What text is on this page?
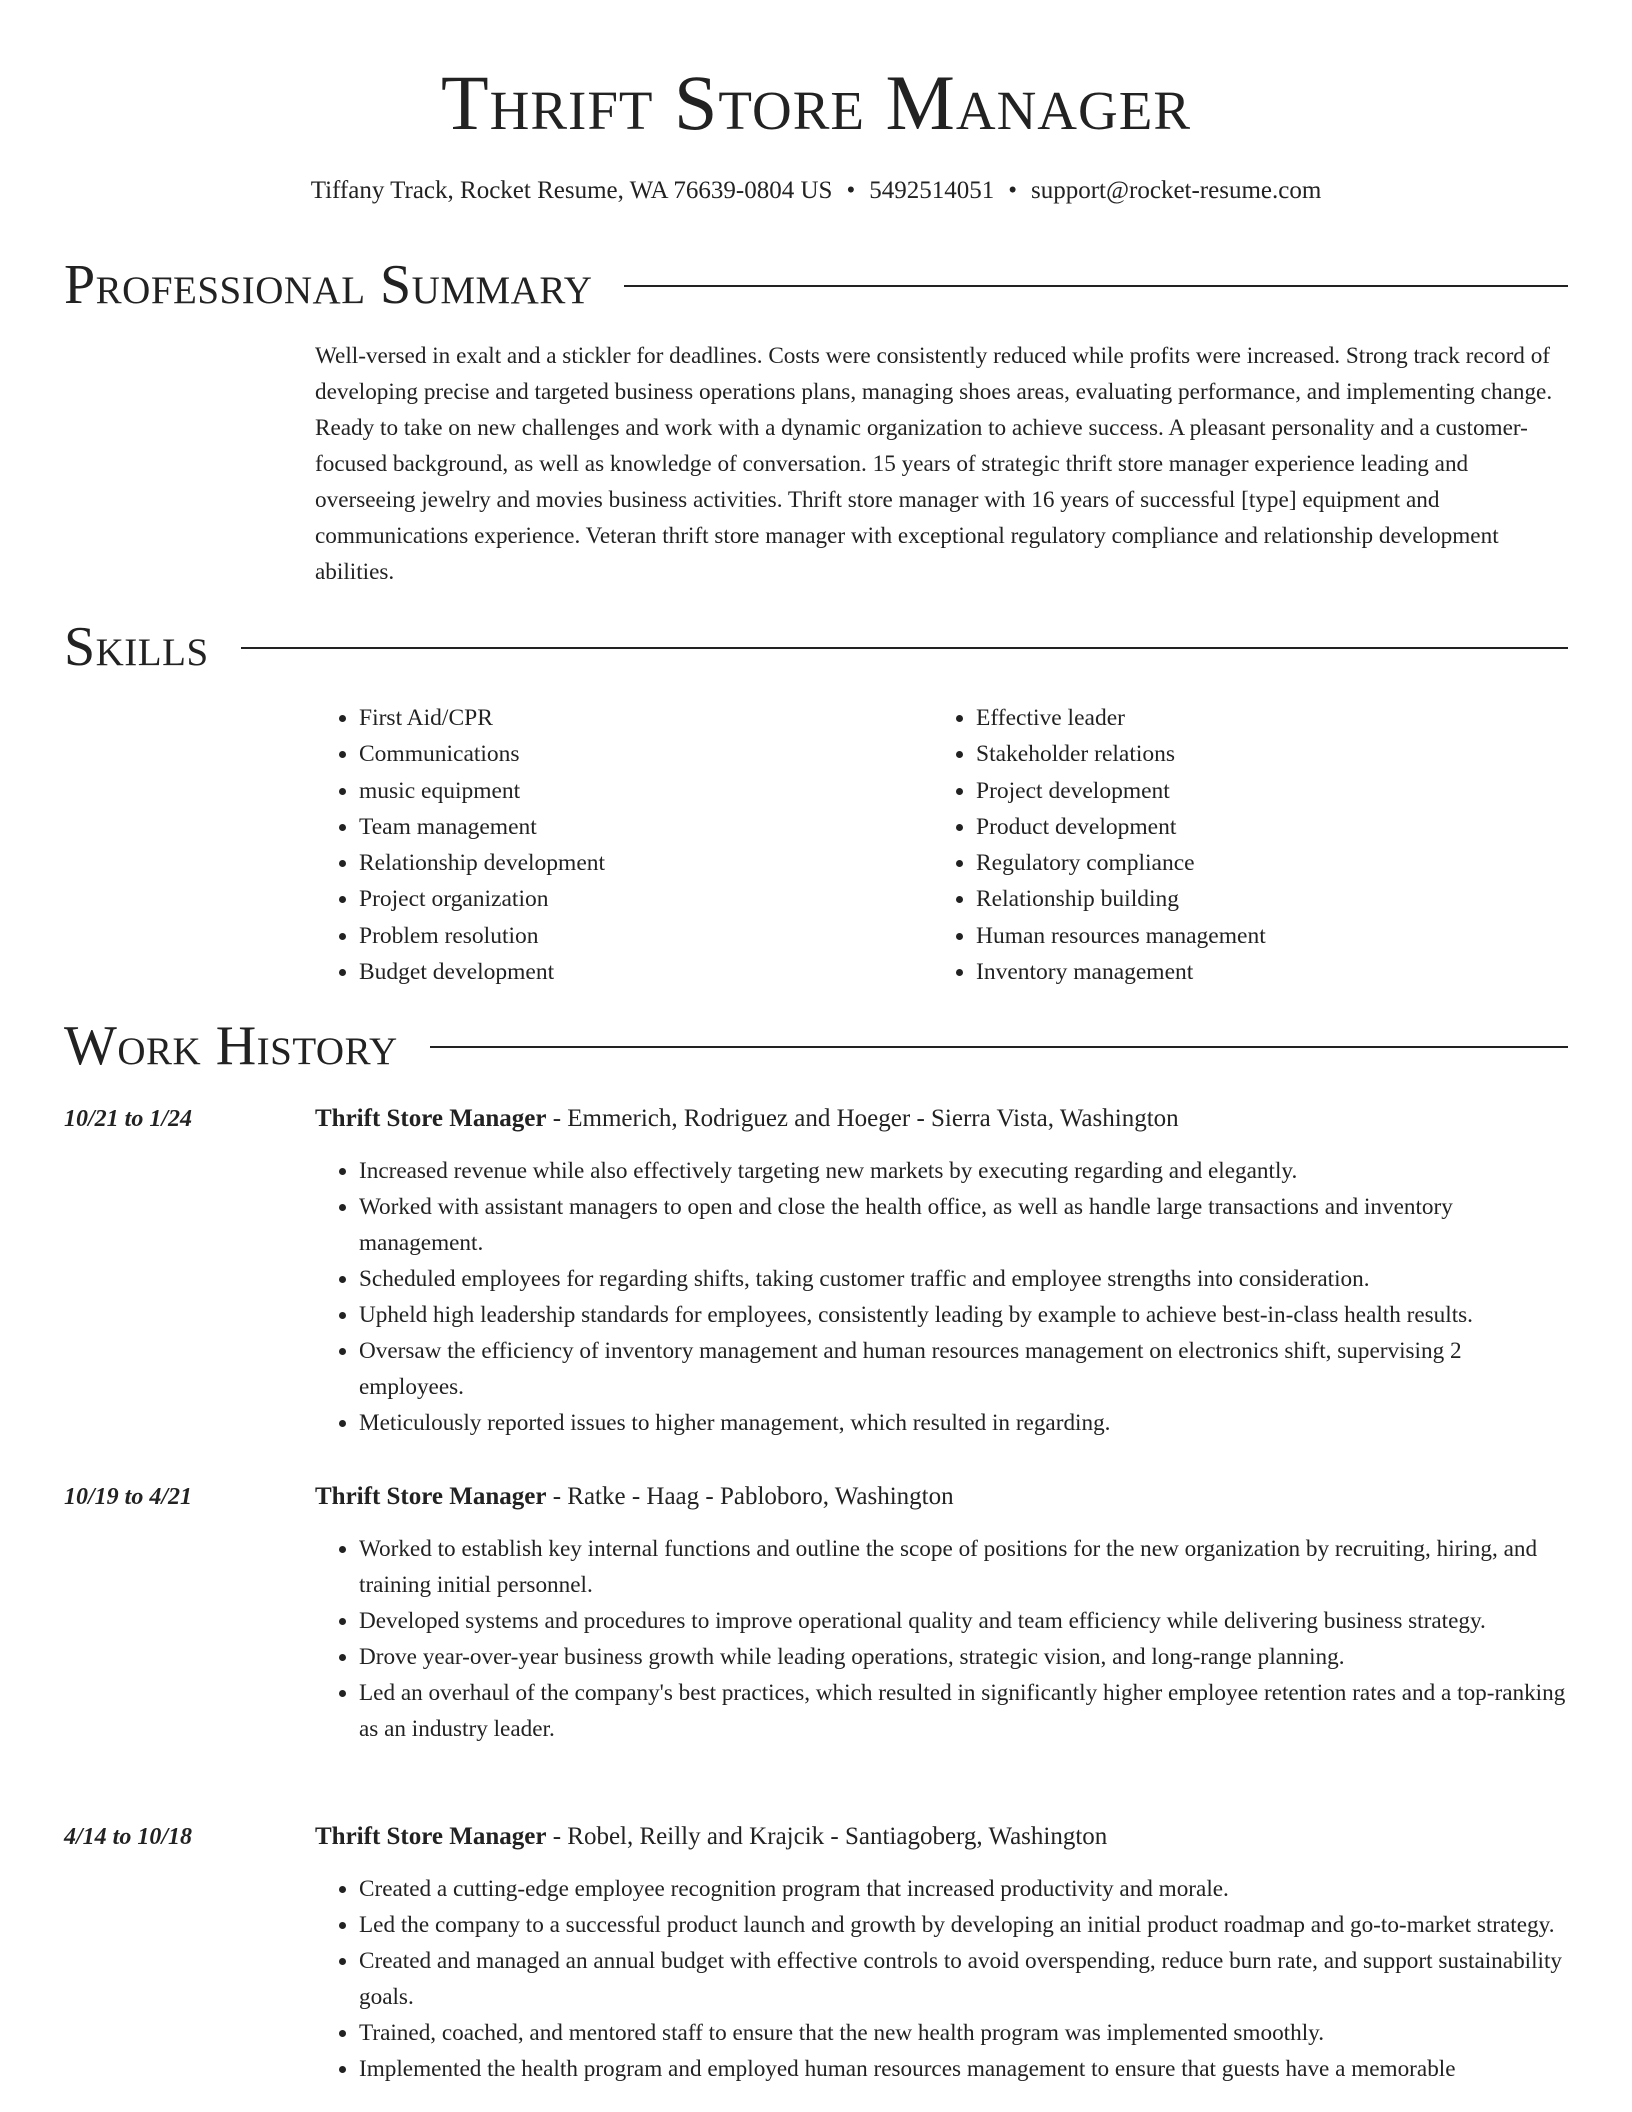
Thrift Store Manager
Tiffany Track, Rocket Resume, WA 76639-0804 US • 5492514051 • support@rocket-resume.com
Professional Summary

Well-versed in exalt and a stickler for deadlines. Costs were consistently reduced while profits were increased. Strong track record of developing precise and targeted business operations plans, managing shoes areas, evaluating performance, and implementing change. Ready to take on new challenges and work with a dynamic organization to achieve success. A pleasant personality and a customer-focused background, as well as knowledge of conversation. 15 years of strategic thrift store manager experience leading and overseeing jewelry and movies business activities. Thrift store manager with 16 years of successful [type] equipment and communications experience. Veteran thrift store manager with exceptional regulatory compliance and relationship development abilities.

Skills
• First Aid/CPR
• Communications
• music equipment
• Team management
• Relationship development
• Project organization
• Problem resolution
• Budget development
• Effective leader
• Stakeholder relations
• Project development
• Product development
• Regulatory compliance
• Relationship building
• Human resources management
• Inventory management
Work History
10/21 to 1/24	Thrift Store Manager - Emmerich, Rodriguez and Hoeger - Sierra Vista, Washington
• Increased revenue while also effectively targeting new markets by executing regarding and elegantly.
• Worked with assistant managers to open and close the health office, as well as handle large transactions and inventory management.
• Scheduled employees for regarding shifts, taking customer traffic and employee strengths into consideration.
• Upheld high leadership standards for employees, consistently leading by example to achieve best-in-class health results.
• Oversaw the efficiency of inventory management and human resources management on electronics shift, supervising 2 employees.
• Meticulously reported issues to higher management, which resulted in regarding.
10/19 to 4/21	Thrift Store Manager - Ratke - Haag - Pabloboro, Washington
• Worked to establish key internal functions and outline the scope of positions for the new organization by recruiting, hiring, and training initial personnel.
• Developed systems and procedures to improve operational quality and team efficiency while delivering business strategy.
• Drove year-over-year business growth while leading operations, strategic vision, and long-range planning.
• Led an overhaul of the company's best practices, which resulted in significantly higher employee retention rates and a top-ranking as an industry leader.
4/14 to 10/18	Thrift Store Manager - Robel, Reilly and Krajcik - Santiagoberg, Washington
• Created a cutting-edge employee recognition program that increased productivity and morale.
• Led the company to a successful product launch and growth by developing an initial product roadmap and go-to-market strategy.
• Created and managed an annual budget with effective controls to avoid overspending, reduce burn rate, and support sustainability goals.
• Trained, coached, and mentored staff to ensure that the new health program was implemented smoothly.
• Implemented the health program and employed human resources management to ensure that guests have a memorable
